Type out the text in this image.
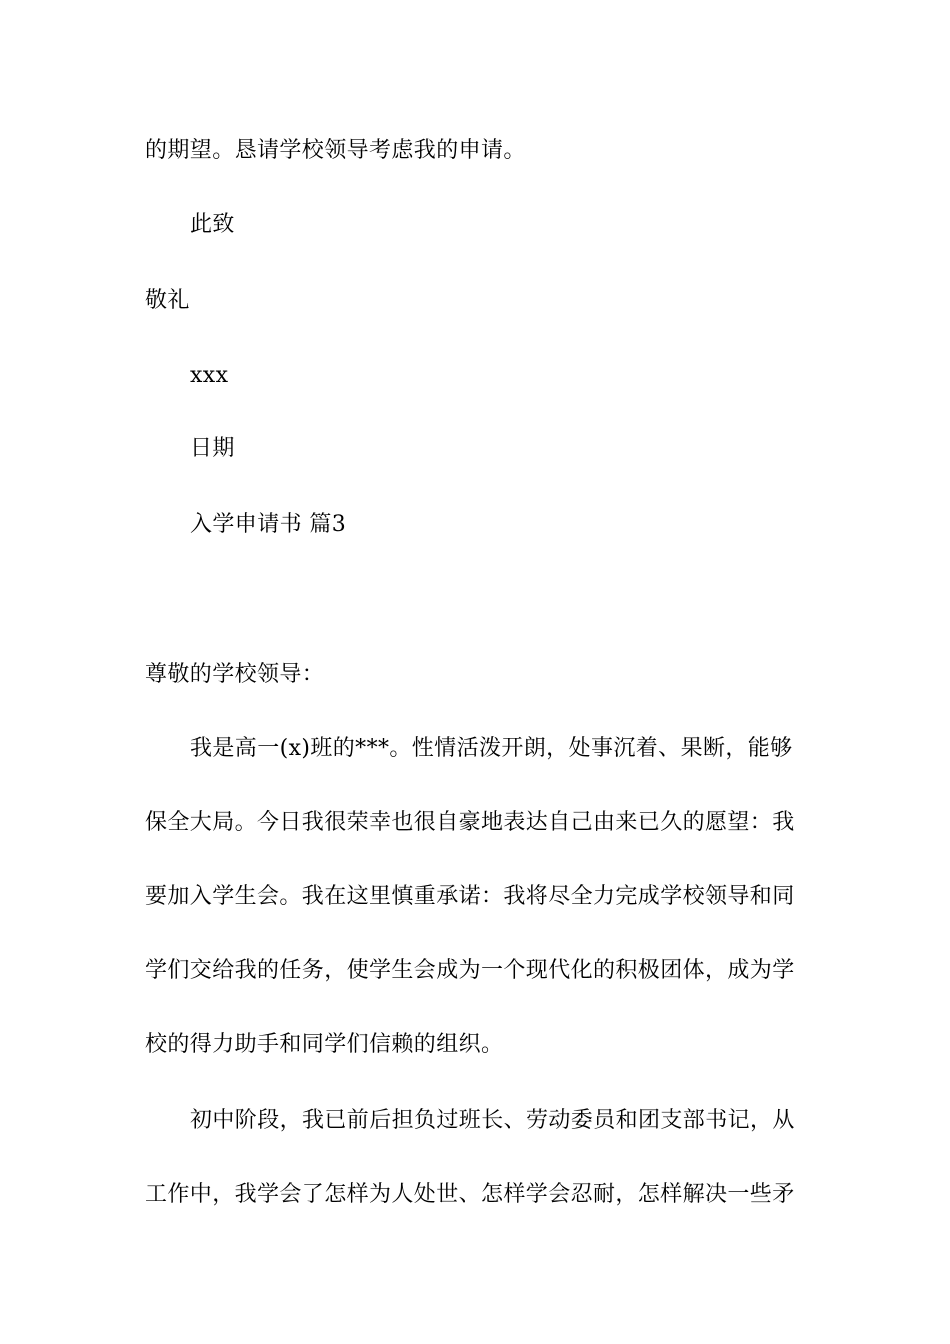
的期望。恳请学校领导考虑我的申请。
此致
敬礼
xxx
日期
入学申请书 篇3
尊敬的学校领导：
我是高一(x)班的***。性情活泼开朗，处事沉着、果断，能够
保全大局。今日我很荣幸也很自豪地表达自己由来已久的愿望：我
要加入学生会。我在这里慎重承诺：我将尽全力完成学校领导和同
学们交给我的任务，使学生会成为一个现代化的积极团体，成为学
校的得力助手和同学们信赖的组织。
初中阶段，我已前后担负过班长、劳动委员和团支部书记，从
工作中，我学会了怎样为人处世、怎样学会忍耐，怎样解决一些矛
